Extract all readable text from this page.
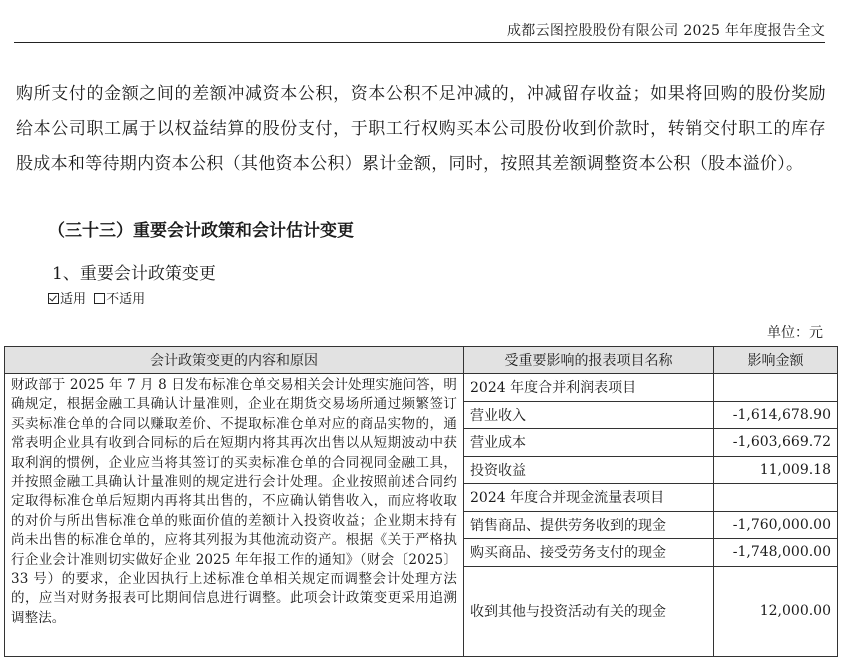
成都云图控股股份有限公司 2025 年年度报告全文
购所支付的金额之间的差额冲减资本公积，资本公积不足冲减的，冲减留存收益；如果将回购的股份奖励给本公司职工属于以权益结算的股份支付，于职工行权购买本公司股份收到价款时，转销交付职工的库存股成本和等待期内资本公积（其他资本公积）累计金额，同时，按照其差额调整资本公积（股本溢价）。
（三十三）重要会计政策和会计估计变更
1、重要会计政策变更
适用 不适用
单位：元
会计政策变更的内容和原因	受重要影响的报表项目名称	影响金额
财政部于 2025 年 7 月 8 日发布标准仓单交易相关会计处理实施问答，明确规定，根据金融工具确认计量准则，企业在期货交易场所通过频繁签订买卖标准仓单的合同以赚取差价、不提取标准仓单对应的商品实物的，通常表明企业具有收到合同标的后在短期内将其再次出售以从短期波动中获取利润的惯例，企业应当将其签订的买卖标准仓单的合同视同金融工具，并按照金融工具确认计量准则的规定进行会计处理。企业按照前述合同约定取得标准仓单后短期内再将其出售的，不应确认销售收入，而应将收取的对价与所出售标准仓单的账面价值的差额计入投资收益；企业期末持有尚未出售的标准仓单的，应将其列报为其他流动资产。根据《关于严格执行企业会计准则切实做好企业 2025 年年报工作的通知》（财会〔2025〕33 号）的要求，企业因执行上述标准仓单相关规定而调整会计处理方法的，应当对财务报表可比期间信息进行调整。此项会计政策变更采用追溯调整法。	2024 年度合并利润表项目	
	营业收入	-1,614,678.90
	营业成本	-1,603,669.72
	投资收益	11,009.18
	2024 年度合并现金流量表项目	
	销售商品、提供劳务收到的现金	-1,760,000.00
	购买商品、接受劳务支付的现金	-1,748,000.00
	收到其他与投资活动有关的现金	12,000.00
